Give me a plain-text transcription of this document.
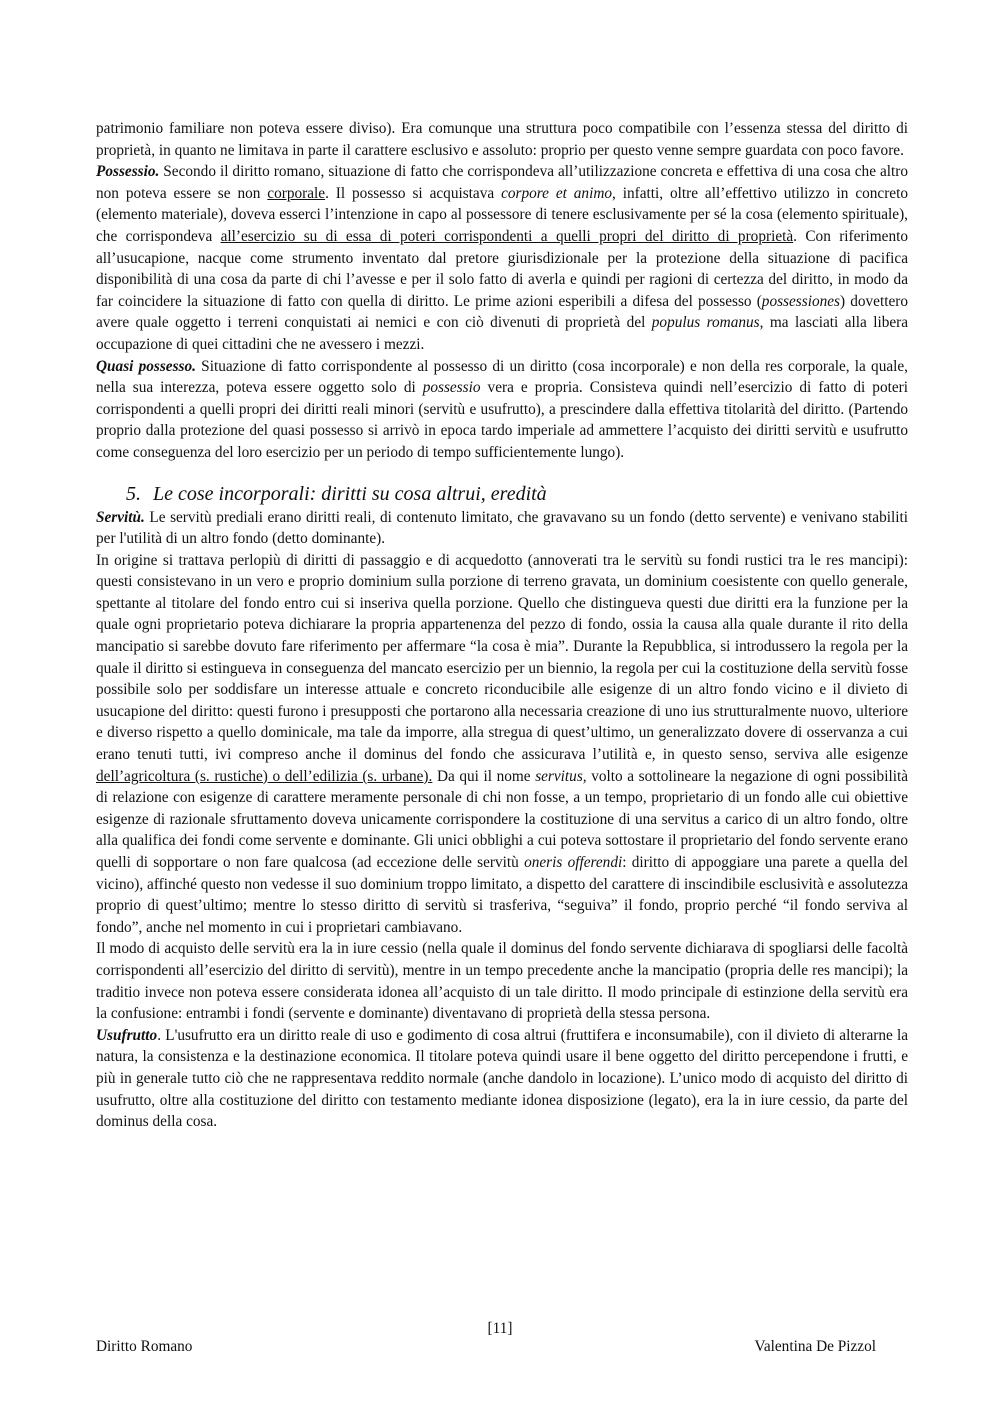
patrimonio familiare non poteva essere diviso). Era comunque una struttura poco compatibile con l’essenza stessa del diritto di proprietà, in quanto ne limitava in parte il carattere esclusivo e assoluto: proprio per questo venne sempre guardata con poco favore.

Possessio. Secondo il diritto romano, situazione di fatto che corrispondeva all’utilizzazione concreta e effettiva di una cosa che altro non poteva essere se non corporale. Il possesso si acquistava corpore et animo, infatti, oltre all’effettivo utilizzo in concreto (elemento materiale), doveva esserci l’intenzione in capo al possessore di tenere esclusivamente per sé la cosa (elemento spirituale), che corrispondeva all’esercizio su di essa di poteri corrispondenti a quelli propri del diritto di proprietà. Con riferimento all’usucapione, nacque come strumento inventato dal pretore giurisdizionale per la protezione della situazione di pacifica disponibilità di una cosa da parte di chi l’avesse e per il solo fatto di averla e quindi per ragioni di certezza del diritto, in modo da far coincidere la situazione di fatto con quella di diritto. Le prime azioni esperibili a difesa del possesso (possessiones) dovettero avere quale oggetto i terreni conquistati ai nemici e con ciò divenuti di proprietà del populus romanus, ma lasciati alla libera occupazione di quei cittadini che ne avessero i mezzi.

Quasi possesso. Situazione di fatto corrispondente al possesso di un diritto (cosa incorporale) e non della res corporale, la quale, nella sua interezza, poteva essere oggetto solo di possessio vera e propria. Consisteva quindi nell’esercizio di fatto di poteri corrispondenti a quelli propri dei diritti reali minori (servitù e usufrutto), a prescindere dalla effettiva titolarità del diritto. (Partendo proprio dalla protezione del quasi possesso si arrivò in epoca tardo imperiale ad ammettere l’acquisto dei diritti servitù e usufrutto come conseguenza del loro esercizio per un periodo di tempo sufficientemente lungo).

5. Le cose incorporali: diritti su cosa altrui, eredità

Servitù. Le servitù prediali erano diritti reali, di contenuto limitato, che gravavano su un fondo (detto servente) e venivano stabiliti per l'utilità di un altro fondo (detto dominante).

In origine si trattava perlopiù di diritti di passaggio e di acquedotto (annoverati tra le servitù su fondi rustici tra le res mancipi): questi consistevano in un vero e proprio dominium sulla porzione di terreno gravata, un dominium coesistente con quello generale, spettante al titolare del fondo entro cui si inseriva quella porzione. Quello che distingueva questi due diritti era la funzione per la quale ogni proprietario poteva dichiarare la propria appartenenza del pezzo di fondo, ossia la causa alla quale durante il rito della mancipatio si sarebbe dovuto fare riferimento per affermare “la cosa è mia”. Durante la Repubblica, si introdussero la regola per la quale il diritto si estingueva in conseguenza del mancato esercizio per un biennio, la regola per cui la costituzione della servitù fosse possibile solo per soddisfare un interesse attuale e concreto riconducibile alle esigenze di un altro fondo vicino e il divieto di usucapione del diritto: questi furono i presupposti che portarono alla necessaria creazione di uno ius strutturalmente nuovo, ulteriore e diverso rispetto a quello dominicale, ma tale da imporre, alla stregua di quest’ultimo, un generalizzato dovere di osservanza a cui erano tenuti tutti, ivi compreso anche il dominus del fondo che assicurava l’utilità e, in questo senso, serviva alle esigenze dell’agricoltura (s. rustiche) o dell’edilizia (s. urbane). Da qui il nome servitus, volto a sottolineare la negazione di ogni possibilità di relazione con esigenze di carattere meramente personale di chi non fosse, a un tempo, proprietario di un fondo alle cui obiettive esigenze di razionale sfruttamento doveva unicamente corrispondere la costituzione di una servitus a carico di un altro fondo, oltre alla qualifica dei fondi come servente e dominante. Gli unici obblighi a cui poteva sottostare il proprietario del fondo servente erano quelli di sopportare o non fare qualcosa (ad eccezione delle servitù oneris offerendi: diritto di appoggiare una parete a quella del vicino), affinché questo non vedesse il suo dominium troppo limitato, a dispetto del carattere di inscindibile esclusività e assolutezza proprio di quest’ultimo; mentre lo stesso diritto di servitù si trasferiva, “seguiva” il fondo, proprio perché “il fondo serviva al fondo”, anche nel momento in cui i proprietari cambiavano.

Il modo di acquisto delle servitù era la in iure cessio (nella quale il dominus del fondo servente dichiarava di spogliarsi delle facoltà corrispondenti all’esercizio del diritto di servitù), mentre in un tempo precedente anche la mancipatio (propria delle res mancipi); la traditio invece non poteva essere considerata idonea all’acquisto di un tale diritto. Il modo principale di estinzione della servitù era la confusione: entrambi i fondi (servente e dominante) diventavano di proprietà della stessa persona.

Usufrutto. L'usufrutto era un diritto reale di uso e godimento di cosa altrui (fruttifera e inconsumabile), con il divieto di alterarne la natura, la consistenza e la destinazione economica. Il titolare poteva quindi usare il bene oggetto del diritto percependone i frutti, e più in generale tutto ciò che ne rappresentava reddito normale (anche dandolo in locazione). L’unico modo di acquisto del diritto di usufrutto, oltre alla costituzione del diritto con testamento mediante idonea disposizione (legato), era la in iure cessio, da parte del dominus della cosa.

[11]
Diritto Romano	Valentina De Pizzol
